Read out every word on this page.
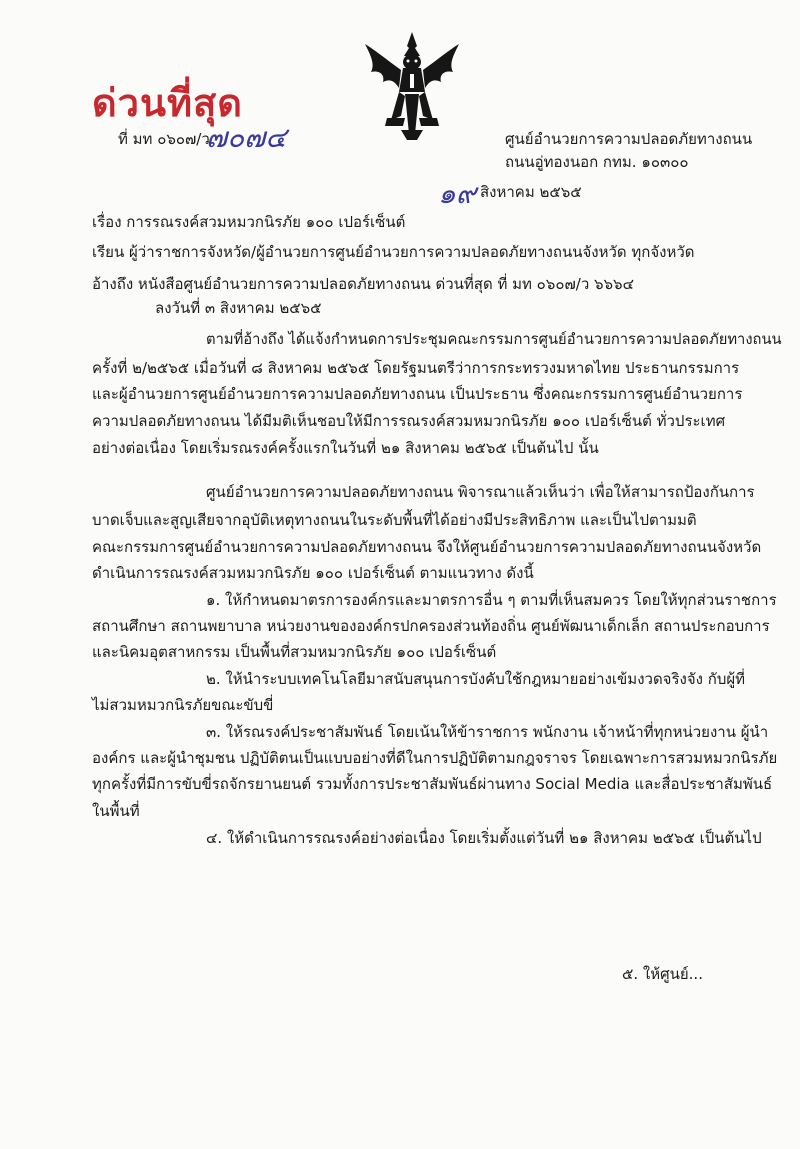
ด่วนที่สุด
ที่ มท ๐๖๐๗/ว
๗๐๗๔	ศูนย์อำนวยการความปลอดภัยทางถนน
ถนนอู่ทองนอก กทม. ๑๐๓๐๐
๑๙ สิงหาคม ๒๕๖๕
เรื่อง การรณรงค์สวมหมวกนิรภัย ๑๐๐ เปอร์เซ็นต์
เรียน ผู้ว่าราชการจังหวัด/ผู้อำนวยการศูนย์อำนวยการความปลอดภัยทางถนนจังหวัด ทุกจังหวัด
อ้างถึง หนังสือศูนย์อำนวยการความปลอดภัยทางถนน ด่วนที่สุด ที่ มท ๐๖๐๗/ว ๖๖๖๔
ลงวันที่ ๓ สิงหาคม ๒๕๖๕
ตามที่อ้างถึง ได้แจ้งกำหนดการประชุมคณะกรรมการศูนย์อำนวยการความปลอดภัยทางถนน
ครั้งที่ ๒/๒๕๖๕ เมื่อวันที่ ๘ สิงหาคม ๒๕๖๕ โดยรัฐมนตรีว่าการกระทรวงมหาดไทย ประธานกรรมการ
และผู้อำนวยการศูนย์อำนวยการความปลอดภัยทางถนน เป็นประธาน ซึ่งคณะกรรมการศูนย์อำนวยการ
ความปลอดภัยทางถนน ได้มีมติเห็นชอบให้มีการรณรงค์สวมหมวกนิรภัย ๑๐๐ เปอร์เซ็นต์ ทั่วประเทศ
อย่างต่อเนื่อง โดยเริ่มรณรงค์ครั้งแรกในวันที่ ๒๑ สิงหาคม ๒๕๖๕ เป็นต้นไป นั้น
ศูนย์อำนวยการความปลอดภัยทางถนน พิจารณาแล้วเห็นว่า เพื่อให้สามารถป้องกันการ
บาดเจ็บและสูญเสียจากอุบัติเหตุทางถนนในระดับพื้นที่ได้อย่างมีประสิทธิภาพ และเป็นไปตามมติ
คณะกรรมการศูนย์อำนวยการความปลอดภัยทางถนน จึงให้ศูนย์อำนวยการความปลอดภัยทางถนนจังหวัด
ดำเนินการรณรงค์สวมหมวกนิรภัย ๑๐๐ เปอร์เซ็นต์ ตามแนวทาง ดังนี้
๑. ให้กำหนดมาตรการองค์กรและมาตรการอื่น ๆ ตามที่เห็นสมควร โดยให้ทุกส่วนราชการ
สถานศึกษา สถานพยาบาล หน่วยงานขององค์กรปกครองส่วนท้องถิ่น ศูนย์พัฒนาเด็กเล็ก สถานประกอบการ
และนิคมอุตสาหกรรม เป็นพื้นที่สวมหมวกนิรภัย ๑๐๐ เปอร์เซ็นต์
๒. ให้นำระบบเทคโนโลยีมาสนับสนุนการบังคับใช้กฎหมายอย่างเข้มงวดจริงจัง กับผู้ที่
ไม่สวมหมวกนิรภัยขณะขับขี่
๓. ให้รณรงค์ประชาสัมพันธ์ โดยเน้นให้ข้าราชการ พนักงาน เจ้าหน้าที่ทุกหน่วยงาน ผู้นำ
องค์กร และผู้นำชุมชน ปฏิบัติตนเป็นแบบอย่างที่ดีในการปฏิบัติตามกฎจราจร โดยเฉพาะการสวมหมวกนิรภัย
ทุกครั้งที่มีการขับขี่รถจักรยานยนต์ รวมทั้งการประชาสัมพันธ์ผ่านทาง Social Media และสื่อประชาสัมพันธ์
ในพื้นที่
๔. ให้ดำเนินการรณรงค์อย่างต่อเนื่อง โดยเริ่มตั้งแต่วันที่ ๒๑ สิงหาคม ๒๕๖๕ เป็นต้นไป
๕. ให้ศูนย์...
